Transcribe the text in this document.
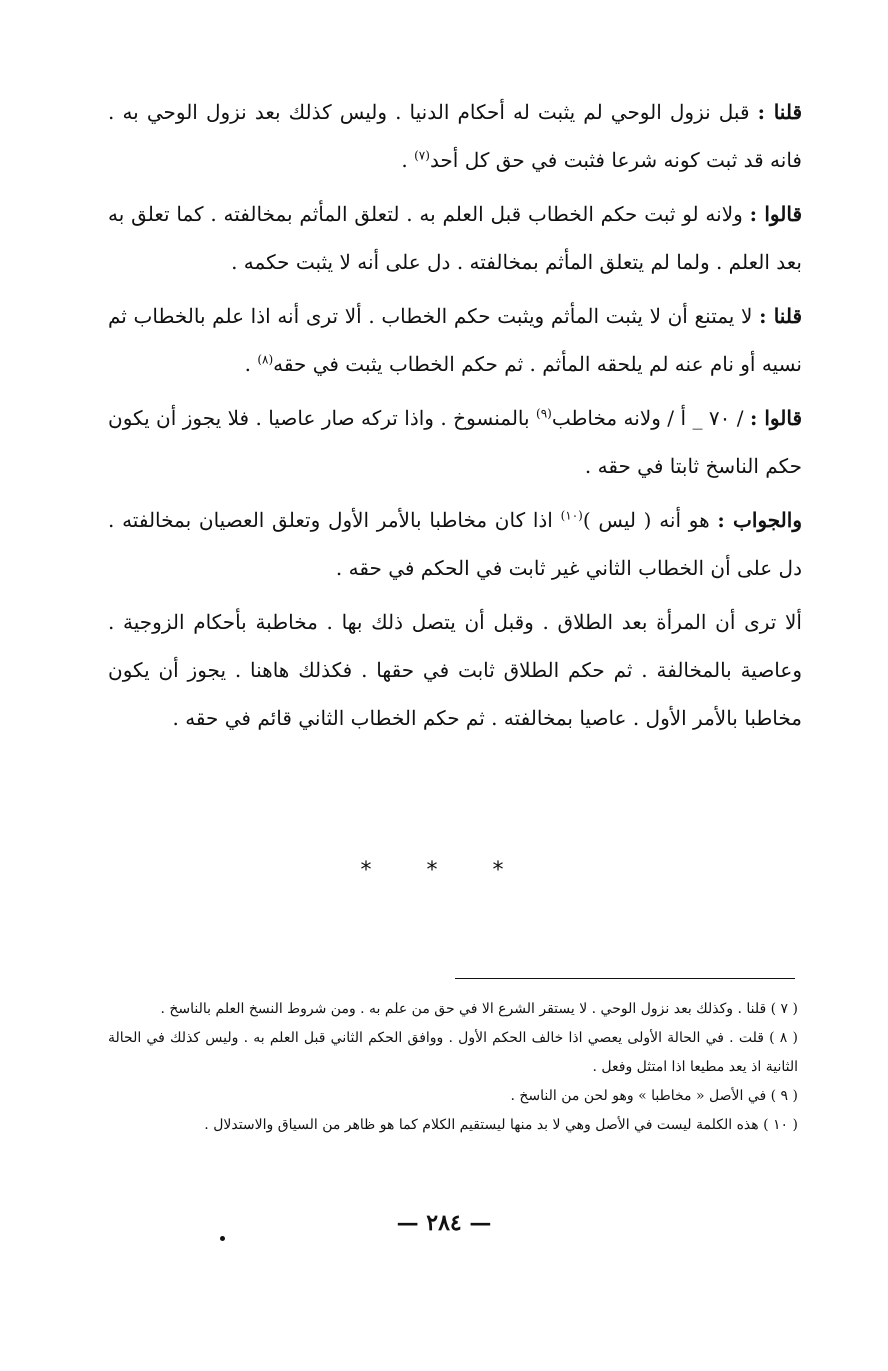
قلنا : قبل نزول الوحي لم يثبت له أحكام الدنيا . وليس كذلك بعد نزول الوحي به . فانه قد ثبت كونه شرعا فثبت في حق كل أحد$^{(٧)}$ .

قالوا : ولانه لو ثبت حكم الخطاب قبل العلم به . لتعلق المأثم بمخالفته . كما تعلق به بعد العلم . ولما لم يتعلق المأثم بمخالفته . دل على أنه لا يثبت حكمه .

قلنا : لا يمتنع أن لا يثبت المأثم ويثبت حكم الخطاب . ألا ترى أنه اذا علم بالخطاب ثم نسيه أو نام عنه لم يلحقه المأثم . ثم حكم الخطاب يثبت في حقه$^{(٨)}$ .

قالوا : / ٧٠ _ أ / ولانه مخاطب$^{(٩)}$ بالمنسوخ . واذا تركه صار عاصيا . فلا يجوز أن يكون حكم الناسخ ثابتا في حقه .

والجواب : هو أنه ( ليس )$^{(١٠)}$ اذا كان مخاطبا بالأمر الأول وتعلق العصيان بمخالفته . دل على أن الخطاب الثاني غير ثابت في الحكم في حقه .

ألا ترى أن المرأة بعد الطلاق . وقبل أن يتصل ذلك بها . مخاطبة بأحكام الزوجية . وعاصية بالمخالفة . ثم حكم الطلاق ثابت في حقها . فكذلك هاهنا . يجوز أن يكون مخاطبا بالأمر الأول . عاصيا بمخالفته . ثم حكم الخطاب الثاني قائم في حقه .

* * *

( ٧ ) قلنا . وكذلك بعد نزول الوحي . لا يستقر الشرع الا في حق من علم به . ومن شروط النسخ العلم بالناسخ .

( ٨ ) قلت . في الحالة الأولى يعصي اذا خالف الحكم الأول . ووافق الحكم الثاني قبل العلم به . وليس كذلك في الحالة الثانية اذ يعد مطيعا اذا امتثل وفعل .

( ٩ ) في الأصل « مخاطبا » وهو لحن من الناسخ .

( ١٠ ) هذه الكلمة ليست في الأصل وهي لا بد منها ليستقيم الكلام كما هو ظاهر من السياق والاستدلال .

— ٢٨٤ —
